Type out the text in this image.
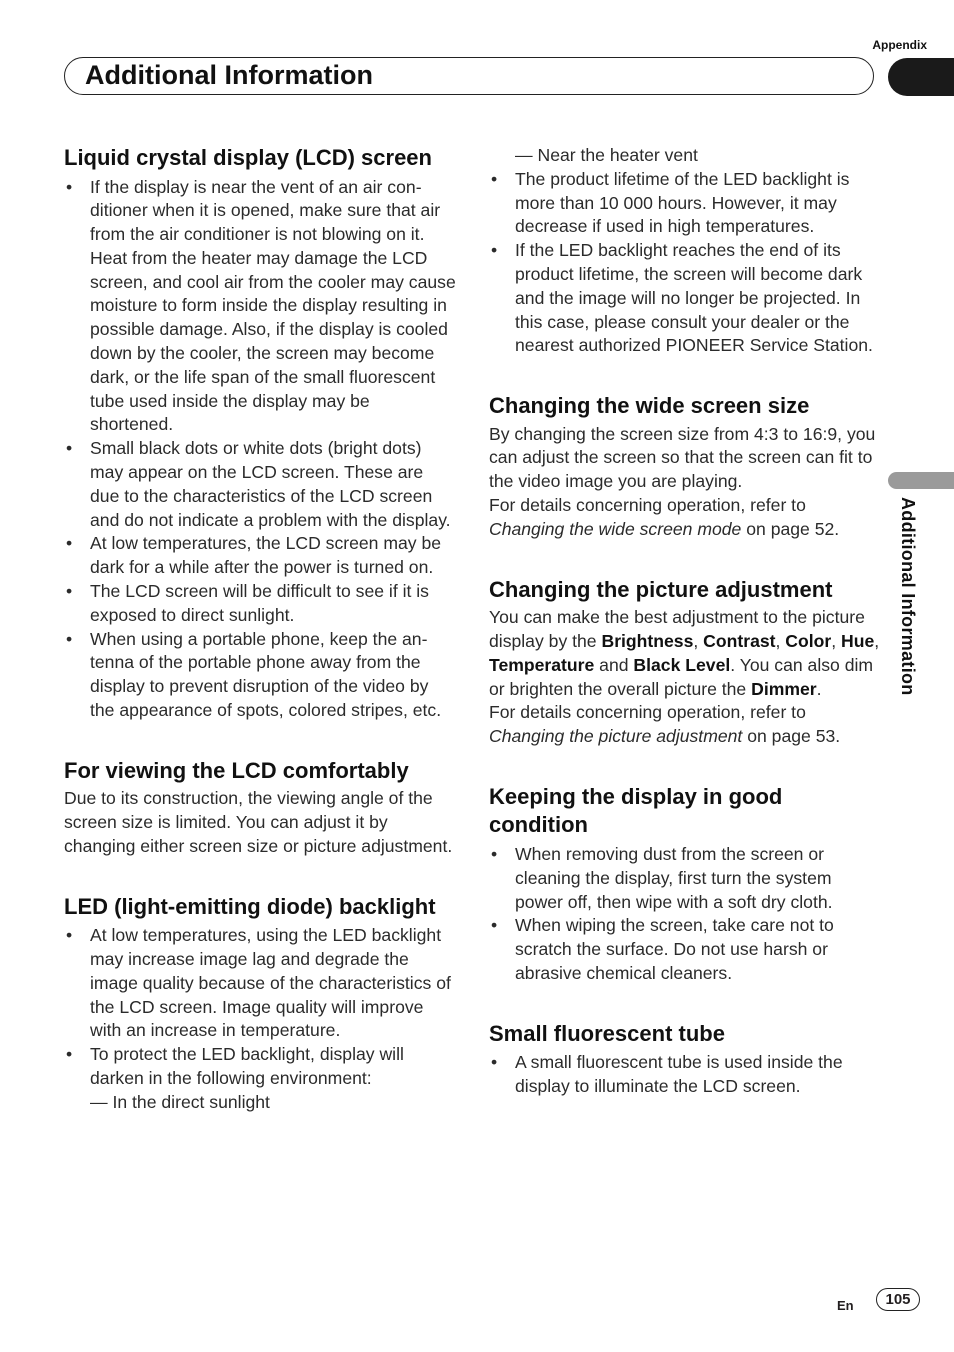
Appendix
Additional Information
Additional Information
Liquid crystal display (LCD) screen
• If the display is near the vent of an air conditioner when it is opened, make sure that air from the air conditioner is not blowing on it. Heat from the heater may damage the LCD screen, and cool air from the cooler may cause moisture to form inside the display resulting in possible damage. Also, if the display is cooled down by the cooler, the screen may become dark, or the life span of the small fluorescent tube used inside the display may be shortened.
• Small black dots or white dots (bright dots) may appear on the LCD screen. These are due to the characteristics of the LCD screen and do not indicate a problem with the display.
• At low temperatures, the LCD screen may be dark for a while after the power is turned on.
• The LCD screen will be difficult to see if it is exposed to direct sunlight.
• When using a portable phone, keep the antenna of the portable phone away from the display to prevent disruption of the video by the appearance of spots, colored stripes, etc.
For viewing the LCD comfortably

Due to its construction, the viewing angle of the screen size is limited. You can adjust it by changing either screen size or picture adjustment.

LED (light-emitting diode) backlight
• At low temperatures, using the LED backlight may increase image lag and degrade the image quality because of the characteristics of the LCD screen. Image quality will improve with an increase in temperature.
• To protect the LED backlight, display will darken in the following environment:
— In the direct sunlight
— Near the heater vent
• The product lifetime of the LED backlight is more than 10 000 hours. However, it may decrease if used in high temperatures.
• If the LED backlight reaches the end of its product lifetime, the screen will become dark and the image will no longer be projected. In this case, please consult your dealer or the nearest authorized PIONEER Service Station.
Changing the wide screen size

By changing the screen size from 4:3 to 16:9, you can adjust the screen so that the screen can fit to the video image you are playing.

For details concerning operation, refer to
Changing the wide screen mode on page 52.

Changing the picture adjustment

You can make the best adjustment to the picture display by the Brightness, Contrast, Color, Hue, Temperature and Black Level. You can also dim or brighten the overall picture the Dimmer.

For details concerning operation, refer to
Changing the picture adjustment on page 53.

Keeping the display in good condition
• When removing dust from the screen or cleaning the display, first turn the system power off, then wipe with a soft dry cloth.
• When wiping the screen, take care not to scratch the surface. Do not use harsh or abrasive chemical cleaners.
Small fluorescent tube
• A small fluorescent tube is used inside the display to illuminate the LCD screen.
En	105
